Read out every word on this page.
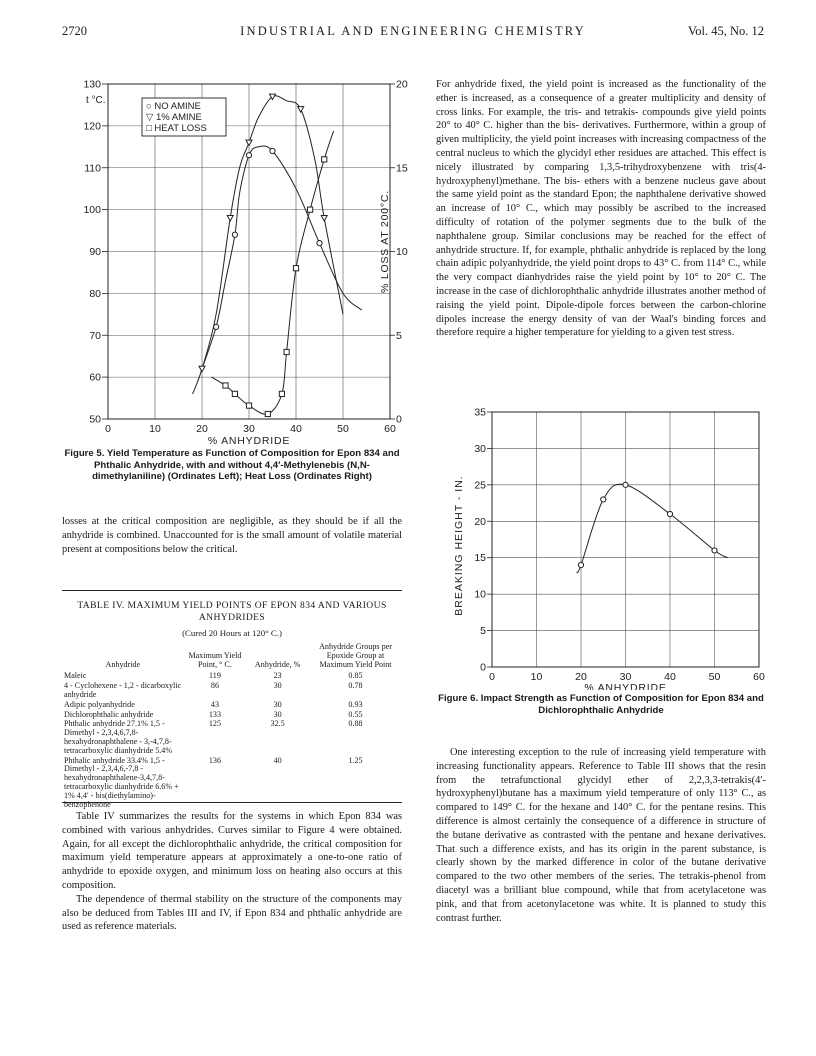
2720	INDUSTRIAL AND ENGINEERING CHEMISTRY	Vol. 45, No. 12
50
60
70
80
90
100
110
120
130
0
5
10
15
20
0	10	20	30	40	50	60
% ANHYDRIDE
t °C.
% LOSS AT 200°C.
○ NO AMINE
▽ 1% AMINE
□ HEAT LOSS

Figure 5. Yield Temperature as Function of Composition for Epon 834 and Phthalic Anhydride, with and without 4,4′-Methylenebis (N,N-dimethylaniline) (Ordinates Left); Heat Loss (Ordinates Right)

losses at the critical composition are negligible, as they should be if all the anhydride is combined. Unaccounted for is the small amount of volatile material present at compositions below the critical.

TABLE IV. MAXIMUM YIELD POINTS OF EPON 834 AND VARIOUS ANHYDRIDES
(Cured 20 Hours at 120° C.)
Anhydride	Maximum Yield Point, ° C.	Anhydride, %	Anhydride Groups per Epoxide Group at Maximum Yield Point
Maleic	119	23	0.85
4 - Cyclohexene - 1,2 - dicarboxylic anhydride	86	30	0.78
Adipic polyanhydride	43	30	0.93
Dichlorophthalic anhydride	133	30	0.55
Phthalic anhydride 27.1% 1,5 - Dimethyl - 2,3,4,6,7,8-hexahydronaphthalene - 3,-4,7,8-tetracarboxylic dianhydride 5.4%	125	32.5	0.88
Phthalic anhydride 33.4% 1,5 - Dimethyl - 2,3,4,6,-7,8 - hexahydronaphthalene-3,4,7,8-tetracarboxylic dianhydride 6.6% + 1% 4,4′ - bis(diethylamino)-benzophenone	136	40	1.25

Table IV summarizes the results for the systems in which Epon 834 was combined with various anhydrides. Curves similar to Figure 4 were obtained. Again, for all except the dichlorophthalic anhydride, the critical composition for maximum yield temperature appears at approximately a one-to-one ratio of anhydride to epoxide oxygen, and minimum loss on heating also occurs at this composition.

The dependence of thermal stability on the structure of the components may also be deduced from Tables III and IV, if Epon 834 and phthalic anhydride are used as reference materials.

For anhydride fixed, the yield point is increased as the functionality of the ether is increased, as a consequence of a greater multiplicity and density of cross links. For example, the tris- and tetrakis- compounds give yield points 20° to 40° C. higher than the bis- derivatives. Furthermore, within a group of given multiplicity, the yield point increases with increasing compactness of the central nucleus to which the glycidyl ether residues are attached. This effect is nicely illustrated by comparing 1,3,5-trihydroxybenzene with tris(4-hydroxyphenyl)methane. The bis- ethers with a benzene nucleus gave about the same yield point as the standard Epon; the naphthalene derivative showed an increase of 10° C., which may possibly be ascribed to the increased difficulty of rotation of the polymer segments due to the bulk of the naphthalene group. Similar conclusions may be reached for the effect of anhydride structure. If, for example, phthalic anhydride is replaced by the long chain adipic polyanhydride, the yield point drops to 43° C. from 114° C., while the very compact dianhydrides raise the yield point by 10° to 20° C. The increase in the case of dichlorophthalic anhydride illustrates another method of raising the yield point. Dipole-dipole forces between the carbon-chlorine dipoles increase the energy density of van der Waal's binding forces and therefore require a higher temperature for yielding to a given test stress.

0
5
10
15
20
25
30
35
0	10	20	30	40	50	60
% ANHYDRIDE
BREAKING HEIGHT - IN.

Figure 6. Impact Strength as Function of Composition for Epon 834 and Dichlorophthalic Anhydride

One interesting exception to the rule of increasing yield temperature with increasing functionality appears. Reference to Table III shows that the resin from the tetrafunctional glycidyl ether of 2,2,3,3-tetrakis(4′-hydroxyphenyl)butane has a maximum yield temperature of only 113° C., as compared to 149° C. for the hexane and 140° C. for the pentane resins. This difference is almost certainly the consequence of a difference in structure of the butane derivative as contrasted with the pentane and hexane derivatives. That such a difference exists, and has its origin in the parent substance, is clearly shown by the marked difference in color of the butane derivative compared to the two other members of the series. The tetrakis-phenol from diacetyl was a brilliant blue compound, while that from acetylacetone was pink, and that from acetonylacetone was white. It is planned to study this contrast further.
